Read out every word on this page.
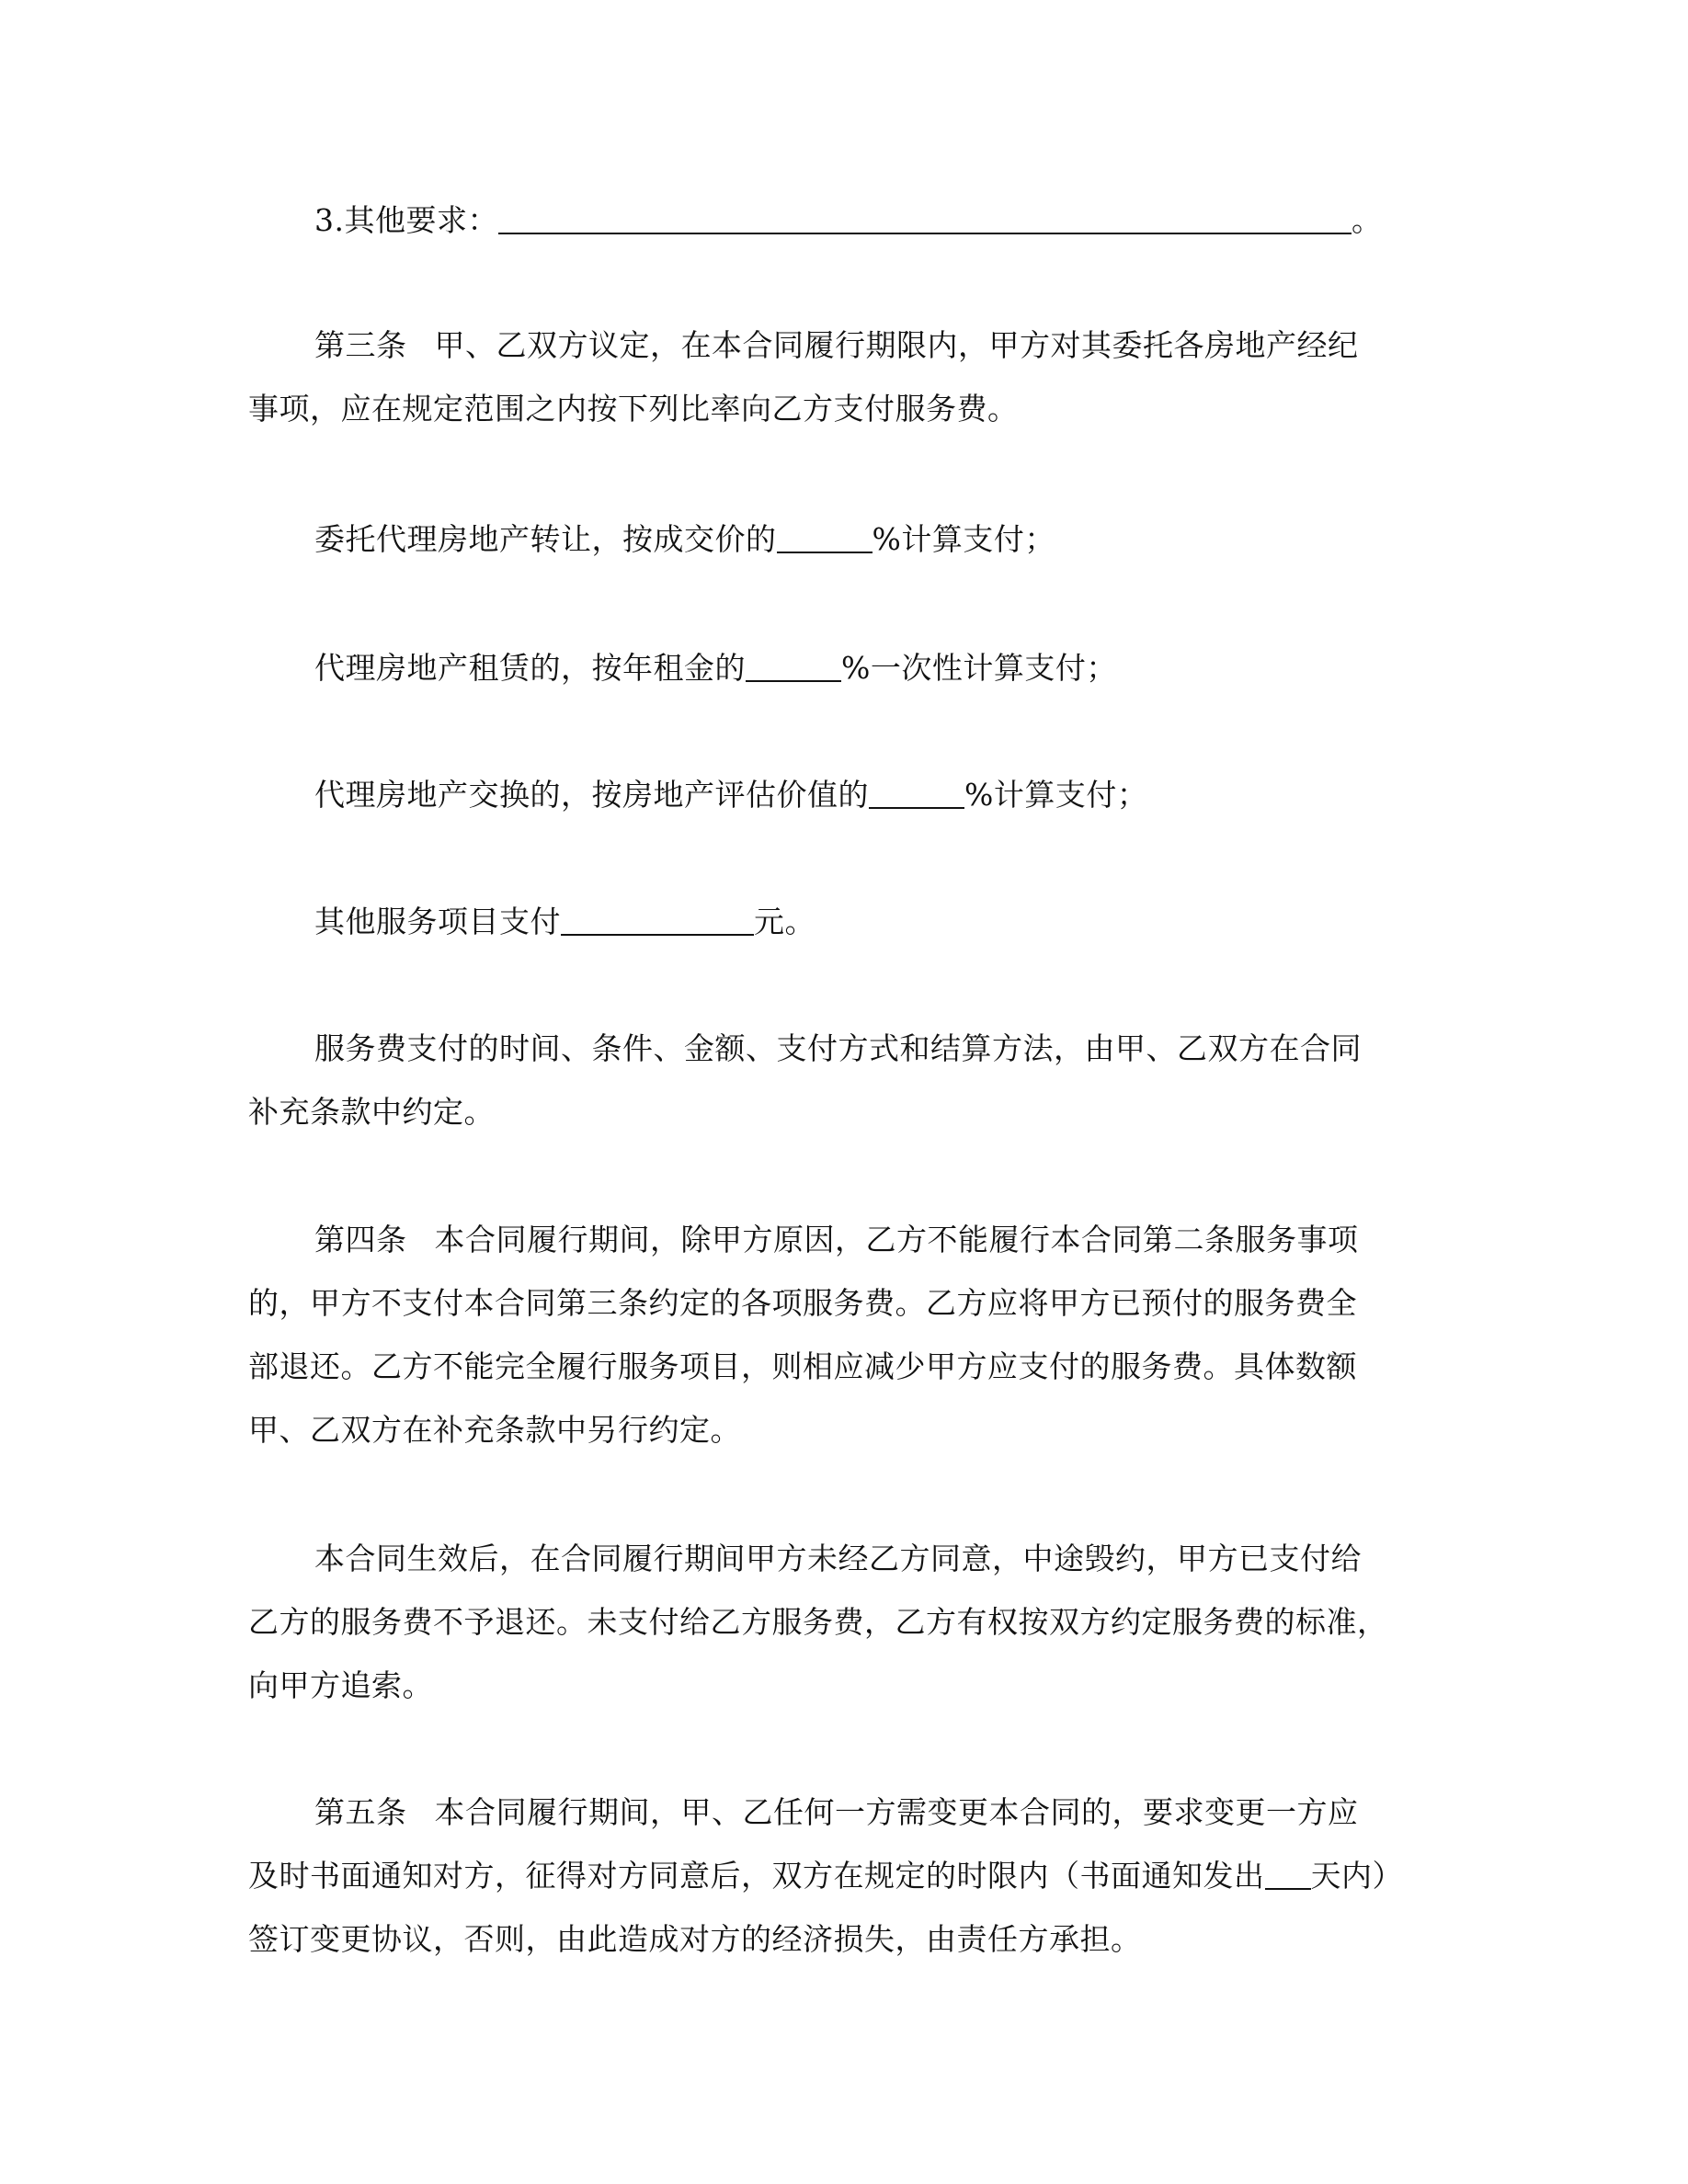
3.其他要求：	。

第三条 甲、乙双方议定，在本合同履行期限内，甲方对其委托各房地产经纪
事项，应在规定范围之内按下列比率向乙方支付服务费。

委托代理房地产转让，按成交价的	%计算支付；

代理房地产租赁的，按年租金的	%一次性计算支付；

代理房地产交换的，按房地产评估价值的	%计算支付；

其他服务项目支付	元。

服务费支付的时间、条件、金额、支付方式和结算方法，由甲、乙双方在合同
补充条款中约定。

第四条 本合同履行期间，除甲方原因，乙方不能履行本合同第二条服务事项
的，甲方不支付本合同第三条约定的各项服务费。乙方应将甲方已预付的服务费全
部退还。乙方不能完全履行服务项目，则相应减少甲方应支付的服务费。具体数额
甲、乙双方在补充条款中另行约定。

本合同生效后，在合同履行期间甲方未经乙方同意，中途毁约，甲方已支付给
乙方的服务费不予退还。未支付给乙方服务费，乙方有权按双方约定服务费的标准，
向甲方追索。

第五条 本合同履行期间，甲、乙任何一方需变更本合同的，要求变更一方应
及时书面通知对方，征得对方同意后，双方在规定的时限内（书面通知发出 天内）
签订变更协议，否则，由此造成对方的经济损失，由责任方承担。
